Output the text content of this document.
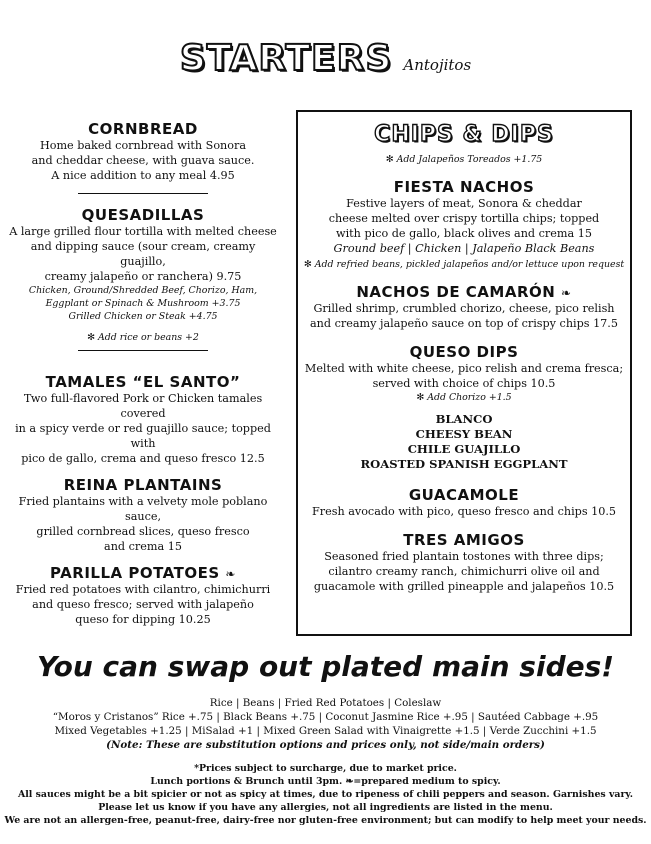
STARTERS Antojitos

CORNBREAD

Home baked cornbread with Sonora

and cheddar cheese, with guava sauce.

A nice addition to any meal 4.95

QUESADILLAS

A large grilled flour tortilla with melted cheese

and dipping sauce (sour cream, creamy guajillo,

creamy jalapeño or ranchera) 9.75

Chicken, Ground/Shredded Beef, Chorizo, Ham,

Eggplant or Spinach & Mushroom +3.75

Grilled Chicken or Steak +4.75

✻ Add rice or beans +2

TAMALES “EL SANTO”

Two full-flavored Pork or Chicken tamales covered

in a spicy verde or red guajillo sauce; topped with

pico de gallo, crema and queso fresco 12.5

REINA PLANTAINS

Fried plantains with a velvety mole poblano sauce,

grilled cornbread slices, queso fresco

and crema 15

PARILLA POTATOES ❧

Fried red potatoes with cilantro, chimichurri

and queso fresco; served with jalapeño

queso for dipping 10.25

CHIPS & DIPS

✻ Add Jalapeños Toreados +1.75

FIESTA NACHOS

Festive layers of meat, Sonora & cheddar

cheese melted over crispy tortilla chips; topped

with pico de gallo, black olives and crema 15

Ground beef | Chicken | Jalapeño Black Beans

✻ Add refried beans, pickled jalapeños and/or lettuce upon request

NACHOS DE CAMARÓN ❧

Grilled shrimp, crumbled chorizo, cheese, pico relish

and creamy jalapeño sauce on top of crispy chips 17.5

QUESO DIPS

Melted with white cheese, pico relish and crema fresca;

served with choice of chips 10.5

✻ Add Chorizo +1.5

BLANCO
CHEESY BEAN
CHILE GUAJILLO
ROASTED SPANISH EGGPLANT

GUACAMOLE

Fresh avocado with pico, queso fresco and chips 10.5

TRES AMIGOS

Seasoned fried plantain tostones with three dips;

cilantro creamy ranch, chimichurri olive oil and

guacamole with grilled pineapple and jalapeños 10.5

You can swap out plated main sides!
Rice | Beans | Fried Red Potatoes | Coleslaw
“Moros y Cristanos” Rice +.75 | Black Beans +.75 | Coconut Jasmine Rice +.95 | Sautéed Cabbage +.95
Mixed Vegetables +1.25 | MiSalad +1 | Mixed Green Salad with Vinaigrette +1.5 | Verde Zucchini +1.5
(Note: These are substitution options and prices only, not side/main orders)
*Prices subject to surcharge, due to market price.
Lunch portions & Brunch until 3pm. ❧=prepared medium to spicy.
All sauces might be a bit spicier or not as spicy at times, due to ripeness of chili peppers and season. Garnishes vary.
Please let us know if you have any allergies, not all ingredients are listed in the menu.
We are not an allergen-free, peanut-free, dairy-free nor gluten-free environment; but can modify to help meet your needs.
